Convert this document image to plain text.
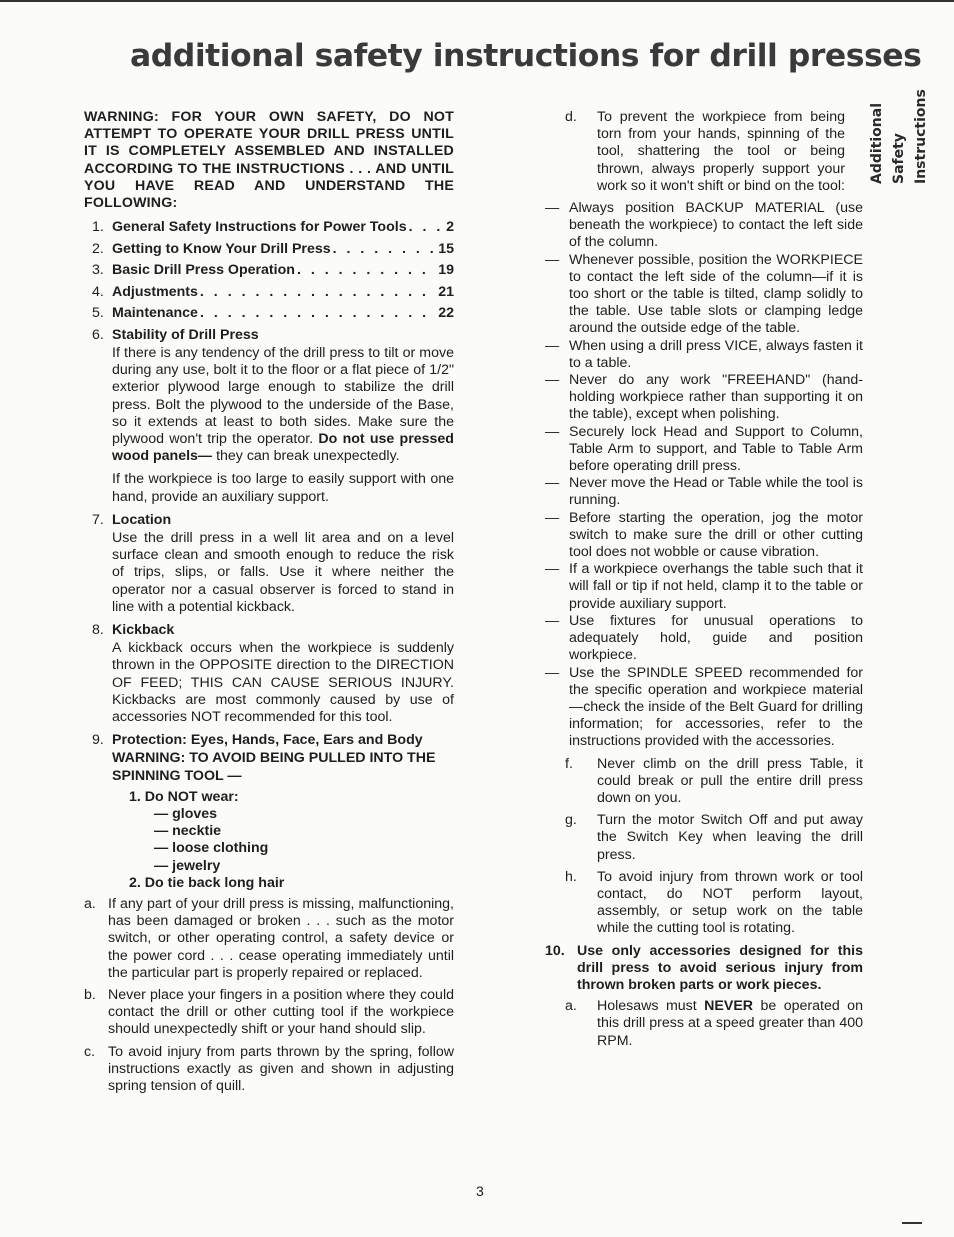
additional safety instructions for drill presses
Additional Safety Instructions

WARNING: FOR YOUR OWN SAFETY, DO NOT ATTEMPT TO OPERATE YOUR DRILL PRESS UNTIL IT IS COMPLETELY ASSEMBLED AND INSTALLED ACCORDING TO THE INSTRUCTIONS . . . AND UNTIL YOU HAVE READ AND UNDERSTAND THE FOLLOWING:

1. General Safety Instructions for Power Tools . . .	2
2. Getting to Know Your Drill Press . . .	15
3. Basic Drill Press Operation . . .	19
4. Adjustments . . .	21
5. Maintenance . . .	22
6. Stability of Drill Press

If there is any tendency of the drill press to tilt or move during any use, bolt it to the floor or a flat piece of 1/2" exterior plywood large enough to stabilize the drill press. Bolt the plywood to the underside of the Base, so it extends at least to both sides. Make sure the plywood won't trip the operator. Do not use pressed wood panels— they can break unexpectedly.

If the workpiece is too large to easily support with one hand, provide an auxiliary support.

7. Location

Use the drill press in a well lit area and on a level surface clean and smooth enough to reduce the risk of trips, slips, or falls. Use it where neither the operator nor a casual observer is forced to stand in line with a potential kickback.

8. Kickback

A kickback occurs when the workpiece is suddenly thrown in the OPPOSITE direction to the DIRECTION OF FEED; THIS CAN CAUSE SERIOUS INJURY. Kickbacks are most commonly caused by use of accessories NOT recommended for this tool.

9. Protection: Eyes, Hands, Face, Ears and Body

WARNING: TO AVOID BEING PULLED INTO THE SPINNING TOOL —

1. Do NOT wear:
— gloves
— necktie
— loose clothing
— jewelry
2. Do tie back long hair

a. If any part of your drill press is missing, malfunctioning, has been damaged or broken . . . such as the motor switch, or other operating control, a safety device or the power cord . . . cease operating immediately until the particular part is properly repaired or replaced.

b. Never place your fingers in a position where they could contact the drill or other cutting tool if the workpiece should unexpectedly shift or your hand should slip.

c. To avoid injury from parts thrown by the spring, follow instructions exactly as given and shown in adjusting spring tension of quill.

d. To prevent the workpiece from being torn from your hands, spinning of the tool, shattering the tool or being thrown, always properly support your work so it won't shift or bind on the tool:

— Always position BACKUP MATERIAL (use beneath the workpiece) to contact the left side of the column.

— Whenever possible, position the WORKPIECE to contact the left side of the column—if it is too short or the table is tilted, clamp solidly to the table. Use table slots or clamping ledge around the outside edge of the table.

— When using a drill press VICE, always fasten it to a table.

— Never do any work "FREEHAND" (hand-holding workpiece rather than supporting it on the table), except when polishing.

— Securely lock Head and Support to Column, Table Arm to support, and Table to Table Arm before operating drill press.

— Never move the Head or Table while the tool is running.

— Before starting the operation, jog the motor switch to make sure the drill or other cutting tool does not wobble or cause vibration.

— If a workpiece overhangs the table such that it will fall or tip if not held, clamp it to the table or provide auxiliary support.

— Use fixtures for unusual operations to adequately hold, guide and position workpiece.

— Use the SPINDLE SPEED recommended for the specific operation and workpiece material—check the inside of the Belt Guard for drilling information; for accessories, refer to the instructions provided with the accessories.

f. Never climb on the drill press Table, it could break or pull the entire drill press down on you.

g. Turn the motor Switch Off and put away the Switch Key when leaving the drill press.

h. To avoid injury from thrown work or tool contact, do NOT perform layout, assembly, or setup work on the table while the cutting tool is rotating.

10. Use only accessories designed for this drill press to avoid serious injury from thrown broken parts or work pieces.

a. Holesaws must NEVER be operated on this drill press at a speed greater than 400 RPM.

3
